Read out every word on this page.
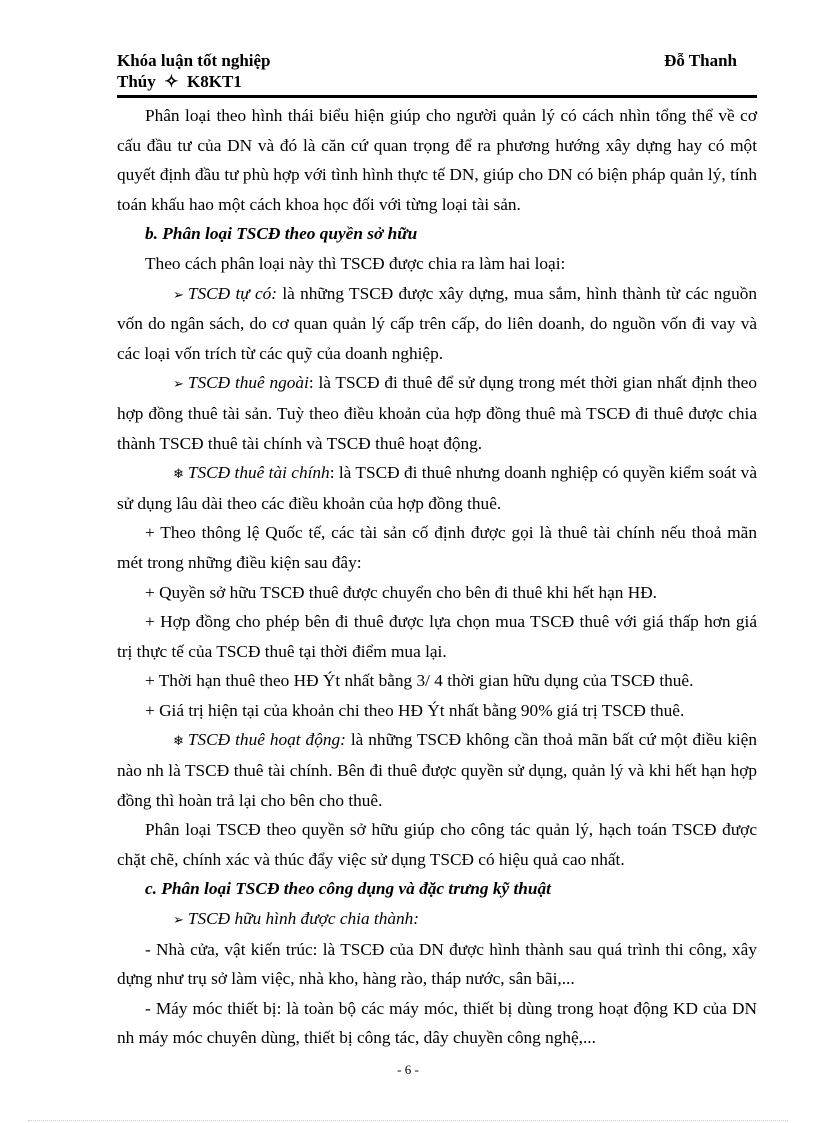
Khóa luận tốt nghiệp	Đỗ Thanh
Thúy  ✧  K8KT1

Phân loại theo hình thái biểu hiện giúp cho người quản lý có cách nhìn tổng thể về cơ cấu đầu tư của DN và đó là căn cứ quan trọng để ra phương hướng xây dựng hay có một quyết định đầu tư phù hợp với tình hình thực tế DN, giúp cho DN có biện pháp quản lý, tính toán khấu hao một cách khoa học đối với từng loại tài sản.

b. Phân loại TSCĐ theo quyền sở hữu

Theo cách phân loại này thì TSCĐ được chia ra làm hai loại:

➢ TSCĐ tự có: là những TSCĐ được xây dựng, mua sắm, hình thành từ các nguồn vốn do ngân sách, do cơ quan quản lý cấp trên cấp, do liên doanh, do nguồn vốn đi vay và các loại vốn trích từ các quỹ của doanh nghiệp.

➢ TSCĐ thuê ngoài: là TSCĐ đi thuê để sử dụng trong mét thời gian nhất định theo hợp đồng thuê tài sản. Tuỳ theo điều khoản của hợp đồng thuê mà TSCĐ đi thuê được chia thành TSCĐ thuê tài chính và TSCĐ thuê hoạt động.

❄ TSCĐ thuê tài chính: là TSCĐ đi thuê nhưng doanh nghiệp có quyền kiểm soát và sử dụng lâu dài theo các điều khoản của hợp đồng thuê.

+ Theo thông lệ Quốc tế, các tài sản cố định được gọi là thuê tài chính nếu thoả mãn mét trong những điều kiện sau đây:

+ Quyền sở hữu TSCĐ thuê được chuyển cho bên đi thuê khi hết hạn HĐ.

+ Hợp đồng cho phép bên đi thuê được lựa chọn mua TSCĐ thuê với giá thấp hơn giá trị thực tế của TSCĐ thuê tại thời điểm mua lại.

+ Thời hạn thuê theo HĐ Ýt nhất bằng 3/ 4 thời gian hữu dụng của TSCĐ thuê.

+ Giá trị hiện tại của khoản chi theo HĐ Ýt nhất bằng 90% giá trị TSCĐ thuê.

❄ TSCĐ thuê hoạt động: là những TSCĐ không cần thoả mãn bất cứ một điều kiện nào nh là TSCĐ thuê tài chính. Bên đi thuê được quyền sử dụng, quản lý và khi hết hạn hợp đồng thì hoàn trả lại cho bên cho thuê.

Phân loại TSCĐ theo quyền sở hữu giúp cho công tác quản lý, hạch toán TSCĐ được chặt chẽ, chính xác và thúc đẩy việc sử dụng TSCĐ có hiệu quả cao nhất.

c. Phân loại TSCĐ theo công dụng và đặc trưng kỹ thuật

➢ TSCĐ hữu hình được chia thành:

- Nhà cửa, vật kiến trúc: là TSCĐ của DN được hình thành sau quá trình thi công, xây dựng như trụ sở làm việc, nhà kho, hàng rào, tháp nước, sân bãi,...

- Máy móc thiết bị: là toàn bộ các máy móc, thiết bị dùng trong hoạt động KD của DN nh máy móc chuyên dùng, thiết bị công tác, dây chuyền công nghệ,...

- 6 -
